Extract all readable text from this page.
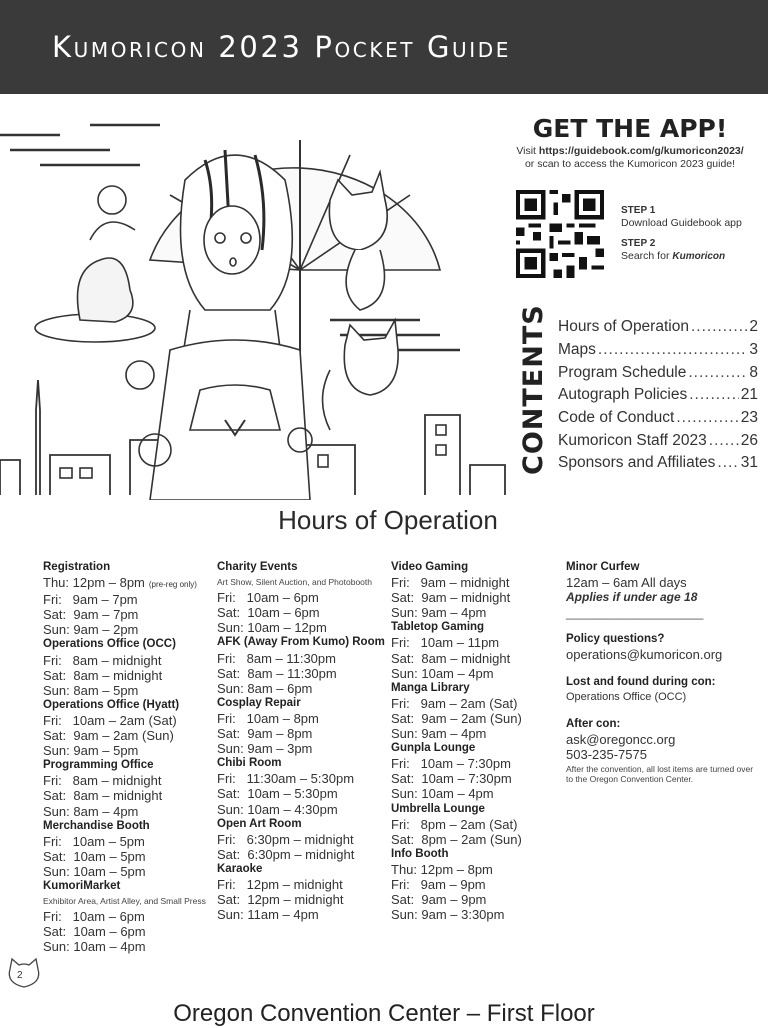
Kumoricon 2023 Pocket Guide
GET THE APP!
Visit https://guidebook.com/g/kumoricon2023/
or scan to access the Kumoricon 2023 guide!
STEP 1
Download Guidebook app
STEP 2
Search for Kumoricon
CONTENTS Hours of Operation .....	2
Maps .....	3
Program Schedule .....	8
Autograph Policies .....	21
Code of Conduct .....	23
Kumoricon Staff 2023 ..... 26
Sponsors and Affiliates ..... 31
Hours of Operation
Registration
Thu: 12pm – 8pm (pre-reg only)
Fri:   9am – 7pm
Sat:  9am – 7pm
Sun: 9am – 2pm
Operations Office (OCC)
Fri:   8am – midnight
Sat:  8am – midnight
Sun: 8am – 5pm
Operations Office (Hyatt)
Fri:   10am – 2am (Sat)
Sat:  9am – 2am (Sun)
Sun: 9am – 5pm
Programming Office
Fri:   8am – midnight
Sat:  8am – midnight
Sun: 8am – 4pm
Merchandise Booth
Fri:   10am – 5pm
Sat:  10am – 5pm
Sun: 10am – 5pm
KumoriMarket
Exhibitor Area, Artist Alley, and Small Press
Fri:   10am – 6pm
Sat:  10am – 6pm
Sun: 10am – 4pm
Charity Events
Art Show, Silent Auction, and Photobooth
Fri:   10am – 6pm
Sat:  10am – 6pm
Sun: 10am – 12pm
AFK (Away From Kumo) Room
Fri:   8am – 11:30pm
Sat:  8am – 11:30pm
Sun: 8am – 6pm
Cosplay Repair
Fri:   10am – 8pm
Sat:  9am – 8pm
Sun: 9am – 3pm
Chibi Room
Fri:   11:30am – 5:30pm
Sat:  10am – 5:30pm
Sun: 10am – 4:30pm
Open Art Room
Fri:   6:30pm – midnight
Sat:  6:30pm – midnight
Karaoke
Fri:   12pm – midnight
Sat:  12pm – midnight
Sun: 11am – 4pm
Video Gaming
Fri:   9am – midnight
Sat:  9am – midnight
Sun: 9am – 4pm
Tabletop Gaming
Fri:   10am – 11pm
Sat:  8am – midnight
Sun: 10am – 4pm
Manga Library
Fri:   9am – 2am (Sat)
Sat:  9am – 2am (Sun)
Sun: 9am – 4pm
Gunpla Lounge
Fri:   10am – 7:30pm
Sat:  10am – 7:30pm
Sun: 10am – 4pm
Umbrella Lounge
Fri:   8pm – 2am (Sat)
Sat:  8pm – 2am (Sun)
Info Booth
Thu: 12pm – 8pm
Fri:   9am – 9pm
Sat:  9am – 9pm
Sun: 9am – 3:30pm
Minor Curfew
12am – 6am All days
Applies if under age 18
___________________
Policy questions?
operations@kumoricon.org
Lost and found during con:
Operations Office (OCC)
After con:
ask@oregoncc.org
503-235-7575
After the convention, all lost items are turned over to the Oregon Convention Center.
2
Oregon Convention Center – First Floor
